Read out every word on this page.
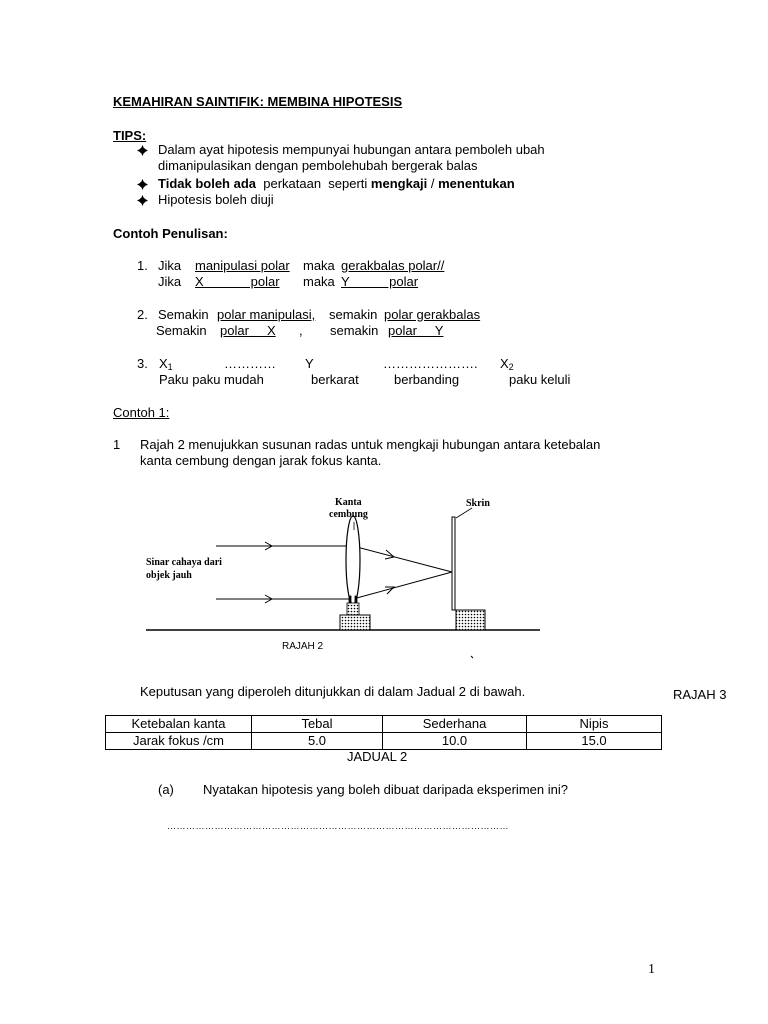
KEMAHIRAN SAINTIFIK: MEMBINA HIPOTESIS
TIPS:
Dalam ayat hipotesis mempunyai hubungan antara pemboleh ubah
dimanipulasikan dengan pembolehubah bergerak balas
Tidak boleh ada  perkataan  seperti mengkaji / menentukan
Hipotesis boleh diuji
Contoh Penulisan:
1. Jika manipulasi polar maka gerakbalas polar//
Jika X             polar maka Y           polar
2. Semakin polar manipulasi, semakin polar gerakbalas
Semakin polar     X , semakin polar     Y
3. $X_1$	………… Y	…………………. $X_2$
Paku paku mudah	berkarat	berbanding	paku keluli
Contoh 1:
1 Rajah 2 menujukkan susunan radas untuk mengkaji hubungan antara ketebalan
kanta cembung dengan jarak fokus kanta.
Kanta
cembung
Skrin
Sinar cahaya dari
objek jauh
RAJAH 2
Keputusan yang diperoleh ditunjukkan di dalam Jadual 2 di bawah.	RAJAH 3
Ketebalan kanta	Tebal	Sederhana	Nipis
Jarak fokus /cm	5.0	10.0	15.0
JADUAL 2
(a) Nyatakan hipotesis yang boleh dibuat daripada eksperimen ini?
………………………………………………………………………………………………
1
